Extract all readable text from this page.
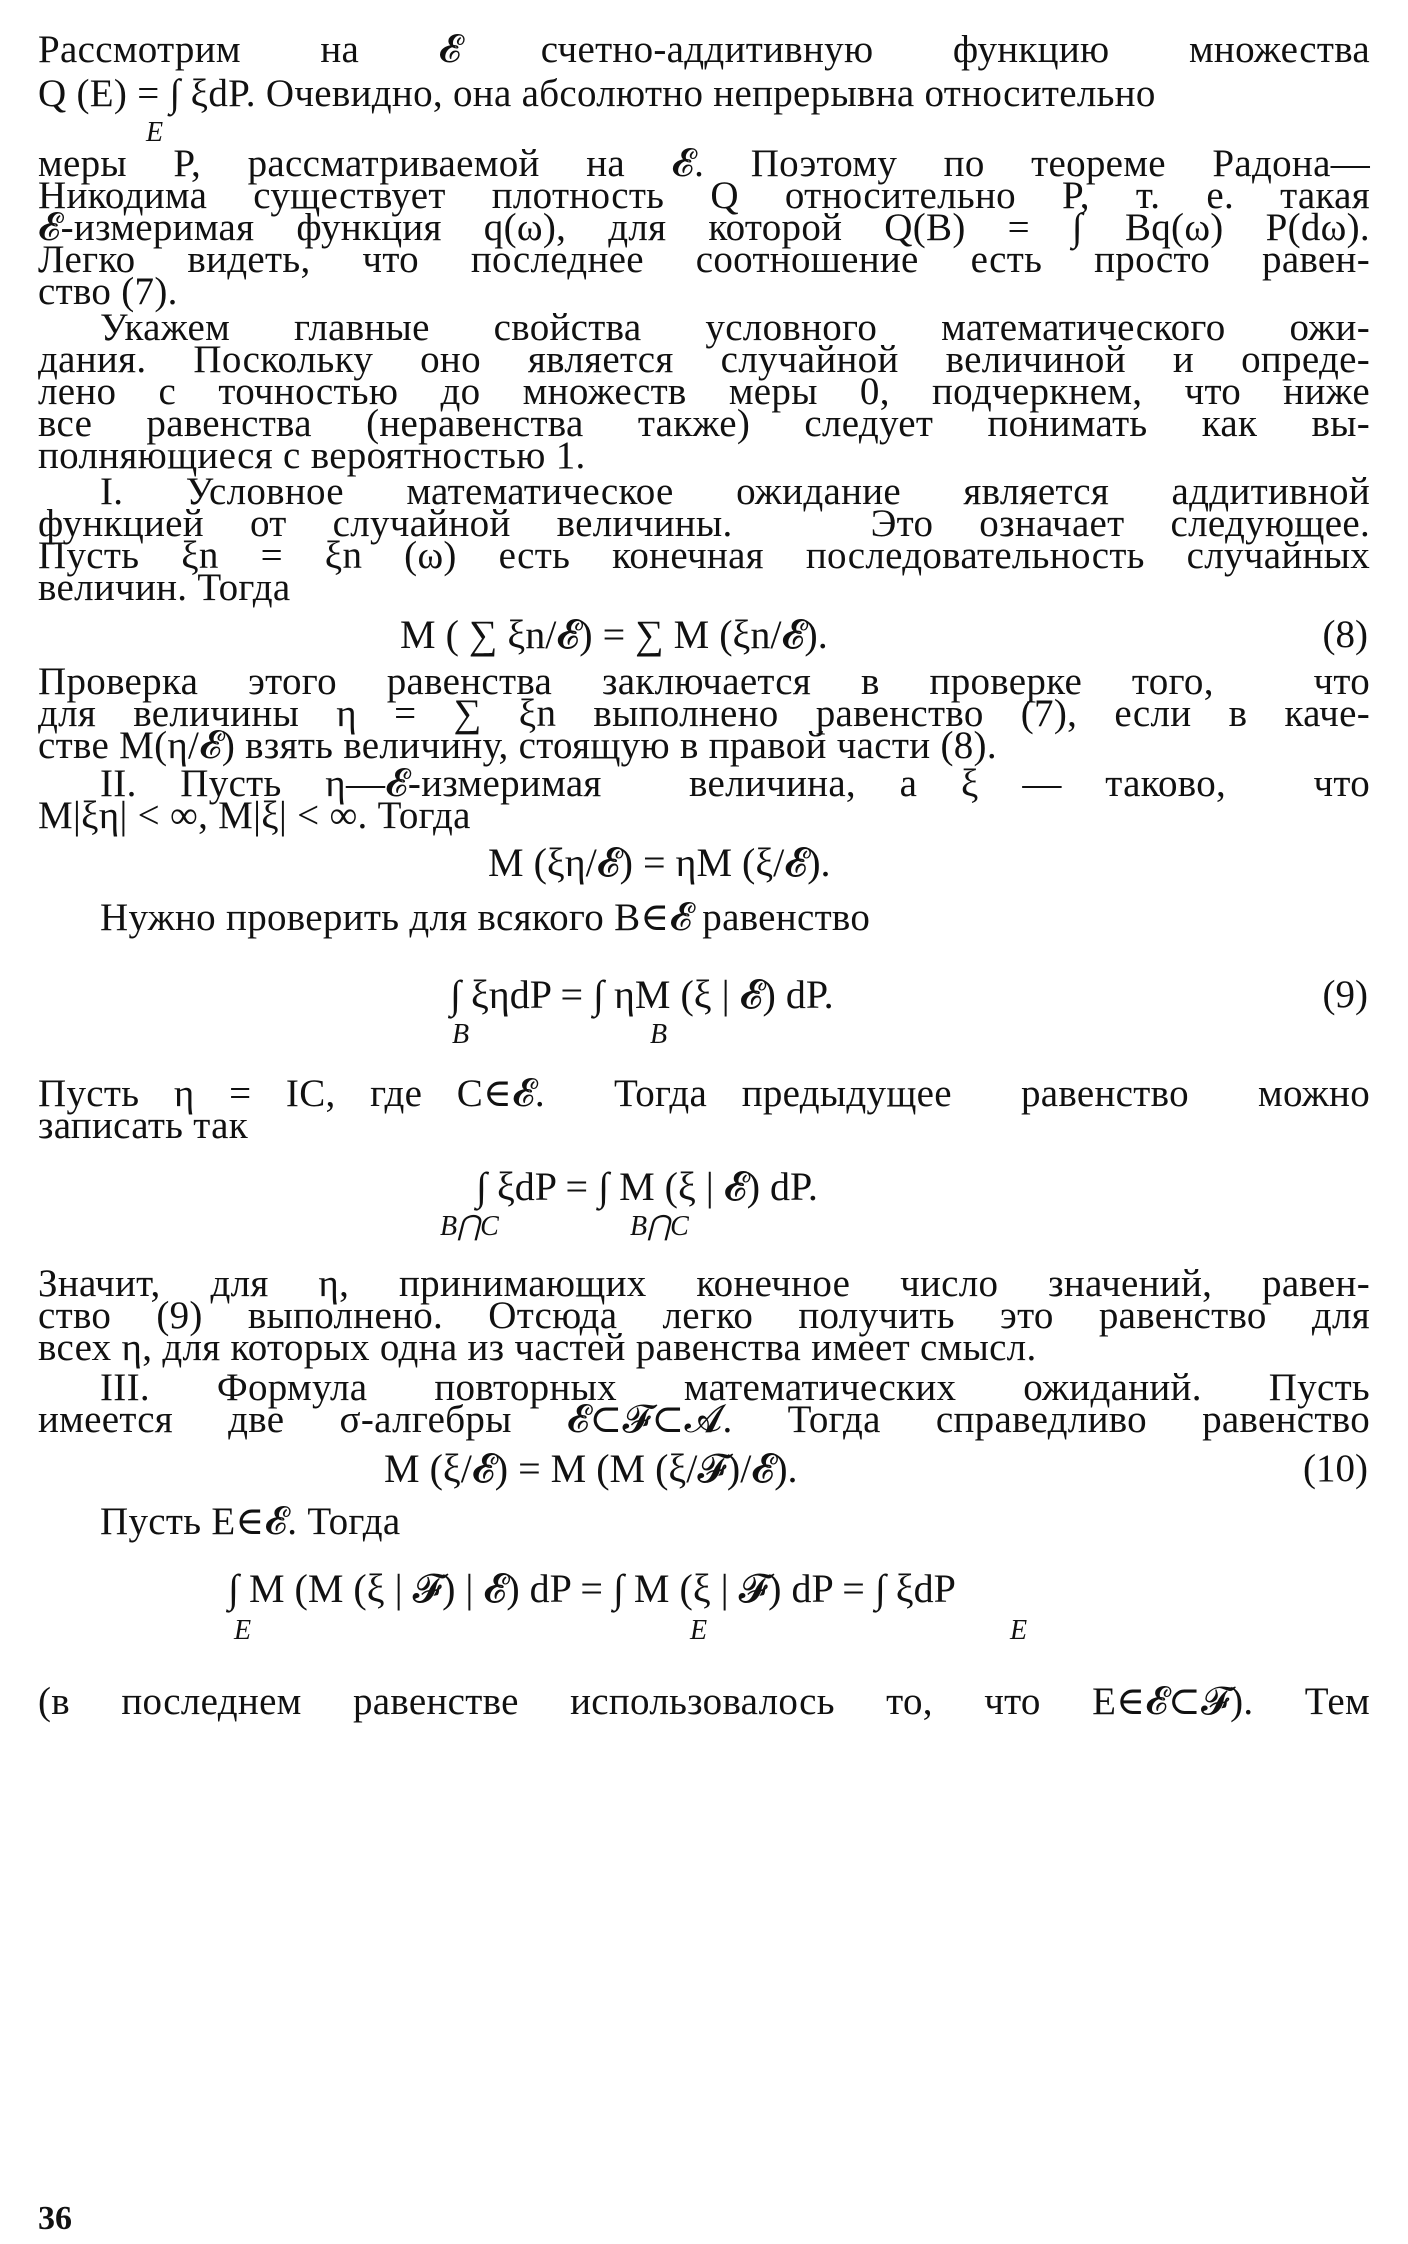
Рассмотрим на 𝓔 счетно-аддитивную функцию множества
Q (E) = ∫ ξdP. Очевидно, она абсолютно непрерывна относительно
E
меры P, рассматриваемой на 𝓔. Поэтому по теореме Радона—
Никодима существует плотность Q относительно P, т. е. такая
𝓔-измеримая функция q(ω), для которой Q(B) = ∫ Bq(ω) P(dω).
Легко видеть, что последнее соотношение есть просто равен-
ство (7).
Укажем главные свойства условного математического ожи-
дания. Поскольку оно является случайной величиной и опреде-
лено с точностью до множеств меры 0, подчеркнем, что ниже
все равенства (неравенства также) следует понимать как вы-
полняющиеся с вероятностью 1.
I. Условное математическое ожидание является аддитивной
функцией от случайной величины.   Это означает следующее.
Пусть ξn = ξn (ω) есть конечная последовательность случайных
величин. Тогда
M ( ∑ ξn/𝓔) = ∑ M (ξn/𝓔).	(8)
Проверка этого равенства заключается в проверке того,  что
для величины η = ∑ ξn выполнено равенство (7), если в каче-
стве M(η/𝓔) взять величину, стоящую в правой части (8).
II. Пусть η—𝓔-измеримая  величина, а ξ — таково,  что
M|ξη| < ∞, M|ξ| < ∞. Тогда
M (ξη/𝓔) = ηM (ξ/𝓔).
Нужно проверить для всякого B∈𝓔 равенство
∫ ξηdP = ∫ ηM (ξ | 𝓔) dP.
B	B
(9)
Пусть η = IC, где C∈𝓔.  Тогда предыдущее  равенство  можно
записать так
∫ ξdP = ∫ M (ξ | 𝓔) dP.
B⋂C	B⋂C
Значит, для η, принимающих конечное число значений, равен-
ство (9) выполнено. Отсюда легко получить это равенство для
всех η, для которых одна из частей равенства имеет смысл.
III. Формула повторных математических ожиданий. Пусть
имеется две σ-алгебры 𝓔⊂𝓕⊂𝓐. Тогда справедливо равенство
M (ξ/𝓔) = M (M (ξ/𝓕)/𝓔).	(10)
Пусть E∈𝓔. Тогда
∫ M (M (ξ | 𝓕) | 𝓔) dP = ∫ M (ξ | 𝓕) dP = ∫ ξdP
E	E	E
(в последнем равенстве использовалось то, что E∈𝓔⊂𝓕). Тем
36
